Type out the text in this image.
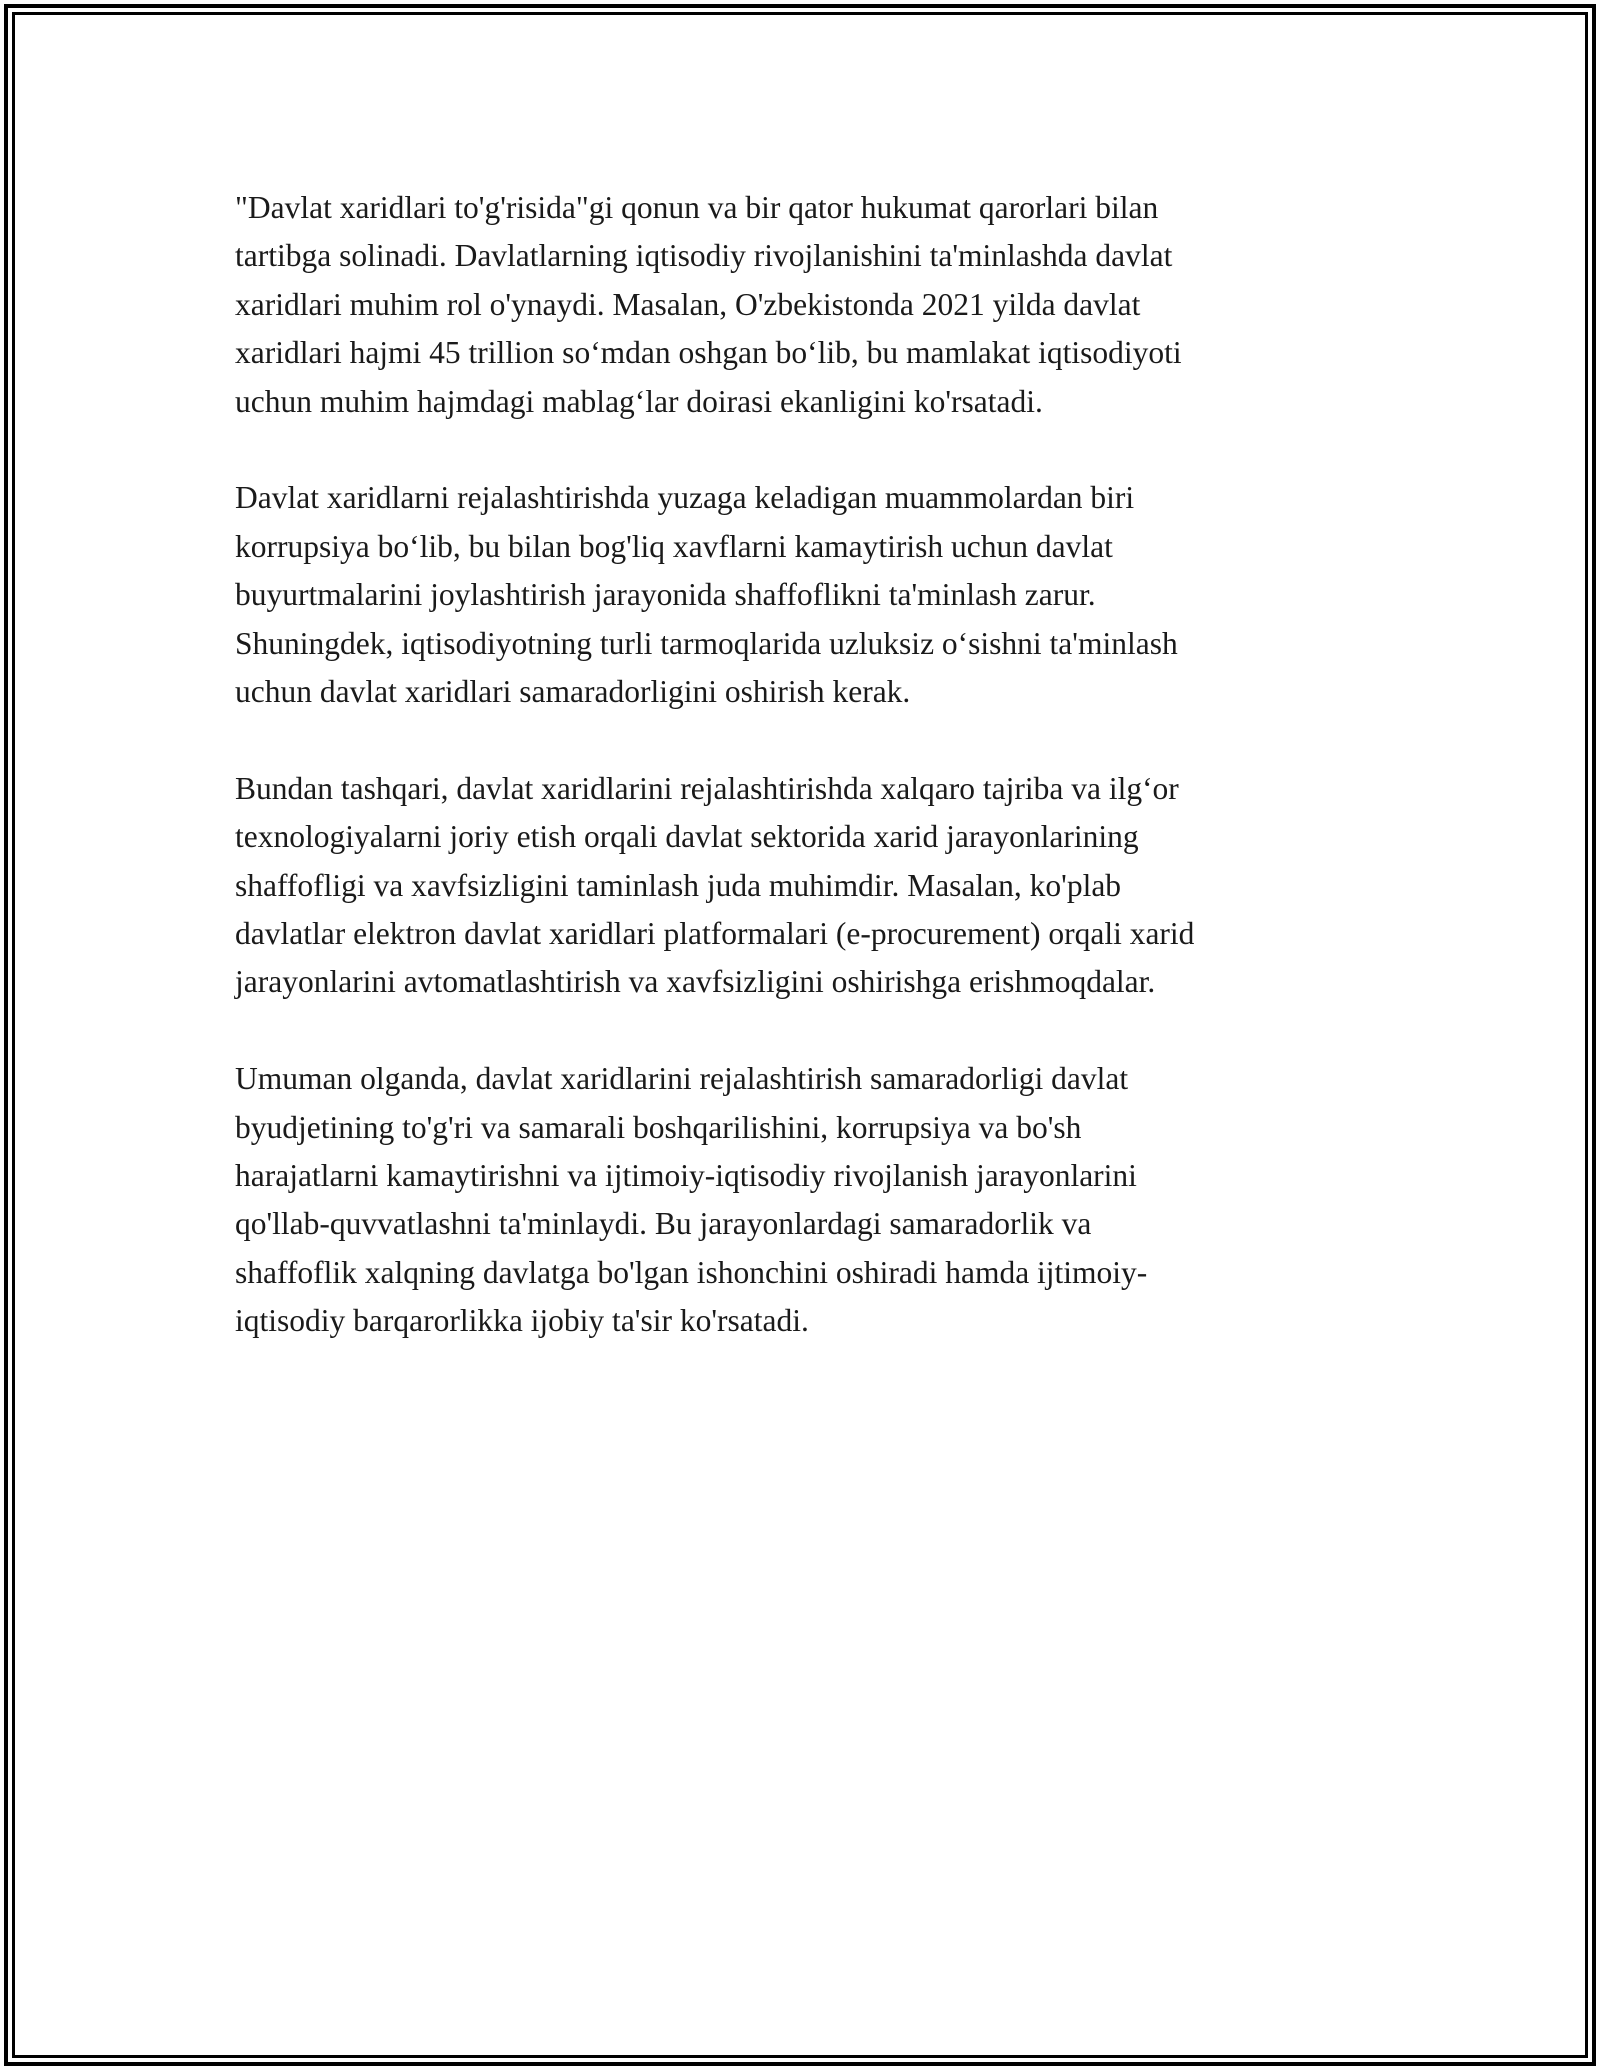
"Davlat xaridlari to'g'risida"gi qonun va bir qator hukumat qarorlari bilan
tartibga solinadi. Davlatlarning iqtisodiy rivojlanishini ta'minlashda davlat
xaridlari muhim rol o'ynaydi. Masalan, O'zbekistonda 2021 yilda davlat
xaridlari hajmi 45 trillion soʻmdan oshgan boʻlib, bu mamlakat iqtisodiyoti
uchun muhim hajmdagi mablagʻlar doirasi ekanligini ko'rsatadi.

Davlat xaridlarni rejalashtirishda yuzaga keladigan muammolardan biri
korrupsiya boʻlib, bu bilan bog'liq xavflarni kamaytirish uchun davlat
buyurtmalarini joylashtirish jarayonida shaffoflikni ta'minlash zarur.
Shuningdek, iqtisodiyotning turli tarmoqlarida uzluksiz oʻsishni ta'minlash
uchun davlat xaridlari samaradorligini oshirish kerak.

Bundan tashqari, davlat xaridlarini rejalashtirishda xalqaro tajriba va ilgʻor
texnologiyalarni joriy etish orqali davlat sektorida xarid jarayonlarining
shaffofligi va xavfsizligini taminlash juda muhimdir. Masalan, ko'plab
davlatlar elektron davlat xaridlari platformalari (e-procurement) orqali xarid
jarayonlarini avtomatlashtirish va xavfsizligini oshirishga erishmoqdalar.

Umuman olganda, davlat xaridlarini rejalashtirish samaradorligi davlat
byudjetining to'g'ri va samarali boshqarilishini, korrupsiya va bo'sh
harajatlarni kamaytirishni va ijtimoiy-iqtisodiy rivojlanish jarayonlarini
qo'llab-quvvatlashni ta'minlaydi. Bu jarayonlardagi samaradorlik va
shaffoflik xalqning davlatga bo'lgan ishonchini oshiradi hamda ijtimoiy-
iqtisodiy barqarorlikka ijobiy ta'sir ko'rsatadi.
